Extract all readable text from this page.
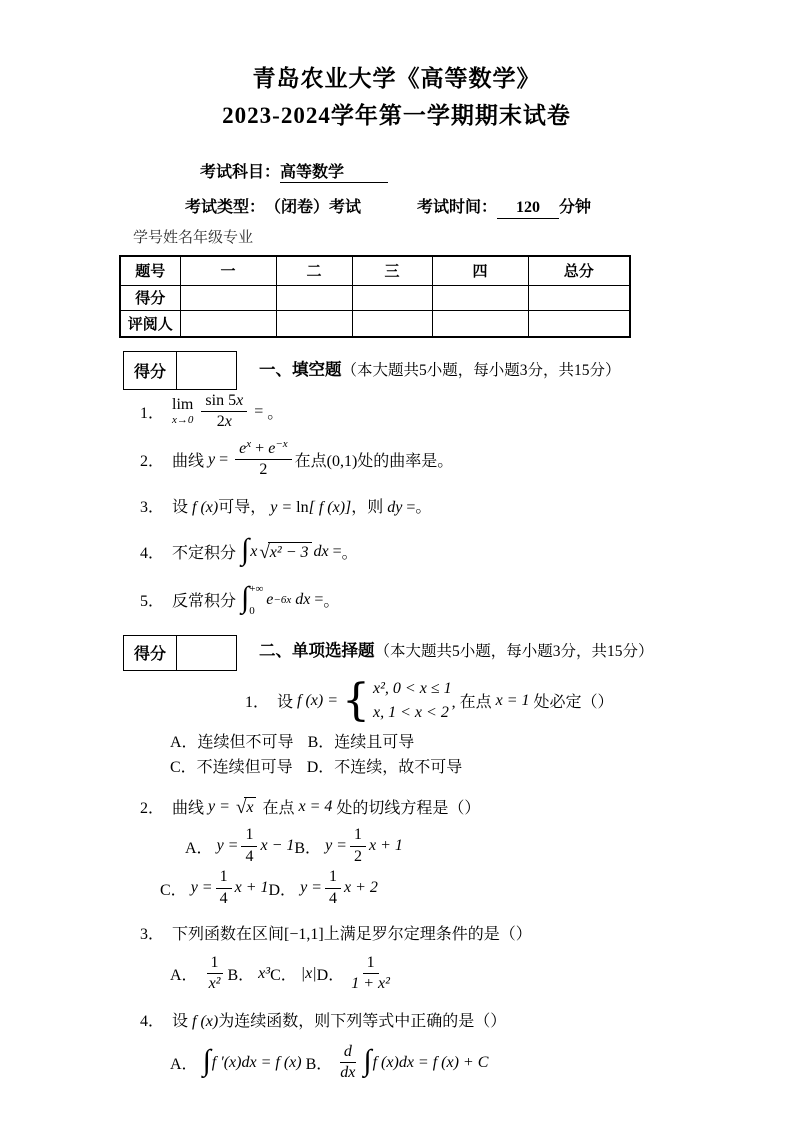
青岛农业大学《高等数学》
2023-2024学年第一学期期末试卷
考试科目：高等数学
考试类型： （闭卷）考试	考试时间：	120	分钟
学号姓名年级专业
题号	一	二	三	四	总分
得分					
评阅人					
得分	一、填空题（本大题共5小题，每小题3分，共15分）
1．
lim
$x\to 0 \frac{\sin 5x}{2x}$ = 。
2． 曲线 $y = \frac{e^x + e^{-x}}{2}$ 在点(0,1)处的曲率是。
3． 设 f (x)可导， y = ln[ f (x)]，则 dy =。
4． 不定积分 ∫ x √ x² − 3 dx = 。
5． 反常积分 ∫ +∞
0
e −6x dx = 。
得分	二、单项选择题（本大题共5小题，每小题3分，共15分）
1． 设 f (x) = { x², 0 < x ≤ 1
x, 1 < x < 2
, 在点 x = 1 处必定（）
A．连续但不可导 B．连续且可导
C．不连续但可导 D．不连续，故不可导
2． 曲线 y = √ x 在点 x = 4 处的切线方程是（）
A． $y = \frac{1}{4}$ x − 1 B． $y = \frac{1}{2}$ x + 1
C． $y = \frac{1}{4}$ x + 1 D． $y = \frac{1}{4}$ x + 2
3． 下列函数在区间[−1,1]上满足罗尔定理条件的是（）
A． $\frac{1}{\text{x²}}$ B． x³ C． |x| D． $\frac{1}{\text{1 + x²}}$
4． 设 f (x)为连续函数，则下列等式中正确的是（）
A． ∫ f ′(x)dx = f (x) B． $\frac{d}{dx}$ ∫ f (x)dx = f (x) + C
